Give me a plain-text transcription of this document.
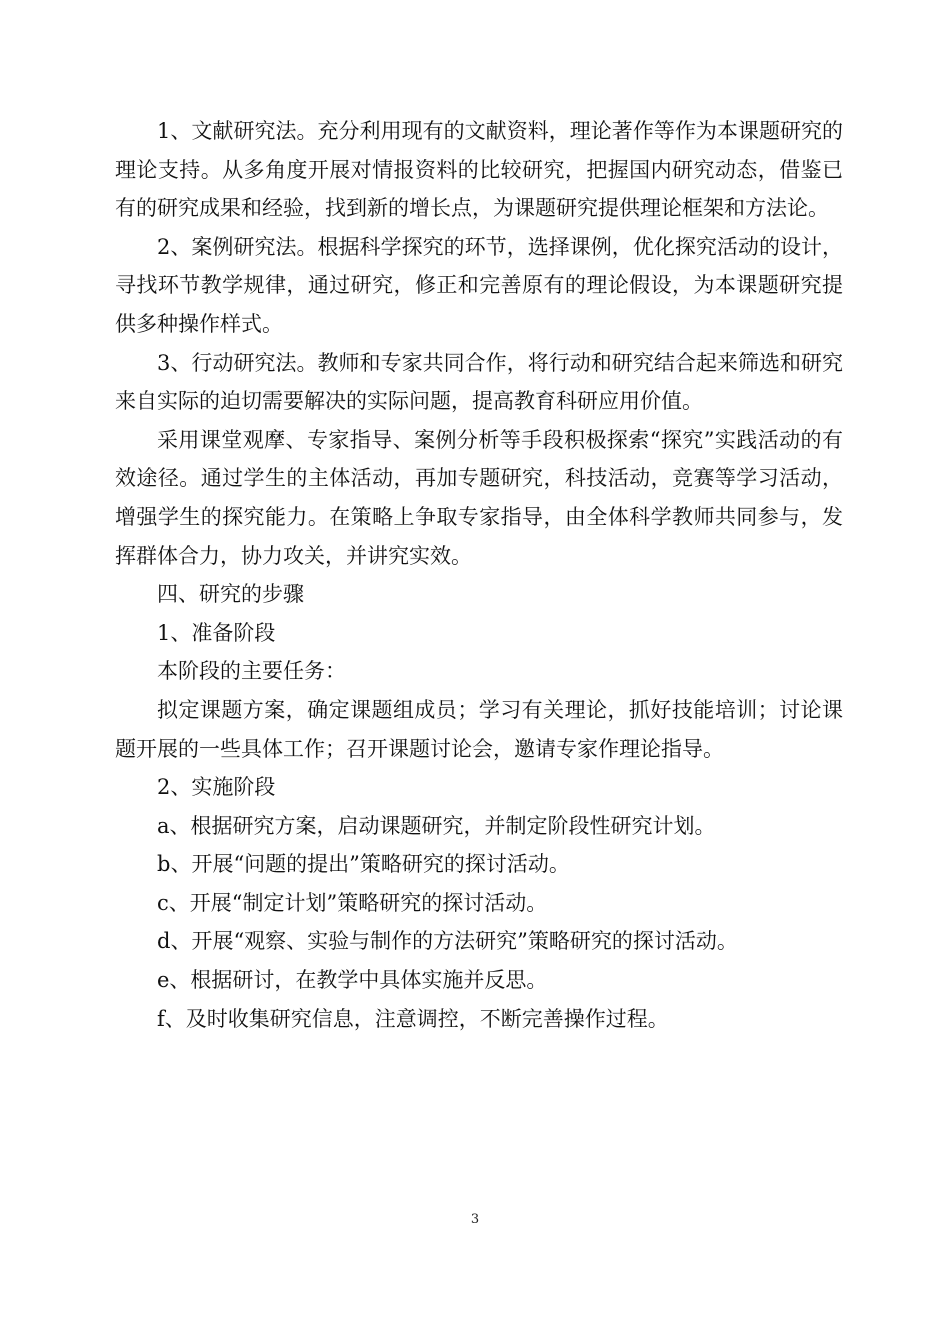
1、文献研究法。充分利用现有的文献资料，理论著作等作为本课题研究的理论支持。从多角度开展对情报资料的比较研究，把握国内研究动态，借鉴已有的研究成果和经验，找到新的增长点，为课题研究提供理论框架和方法论。

2、案例研究法。根据科学探究的环节，选择课例，优化探究活动的设计，寻找环节教学规律，通过研究，修正和完善原有的理论假设，为本课题研究提供多种操作样式。

3、行动研究法。教师和专家共同合作，将行动和研究结合起来筛选和研究来自实际的迫切需要解决的实际问题，提高教育科研应用价值。

采用课堂观摩、专家指导、案例分析等手段积极探索“探究”实践活动的有效途径。通过学生的主体活动，再加专题研究，科技活动，竞赛等学习活动，增强学生的探究能力。在策略上争取专家指导，由全体科学教师共同参与，发挥群体合力，协力攻关，并讲究实效。

四、研究的步骤

1、准备阶段

本阶段的主要任务：

拟定课题方案，确定课题组成员；学习有关理论，抓好技能培训；讨论课题开展的一些具体工作；召开课题讨论会，邀请专家作理论指导。

2、实施阶段

a、根据研究方案，启动课题研究，并制定阶段性研究计划。

b、开展“问题的提出”策略研究的探讨活动。

c、开展“制定计划”策略研究的探讨活动。

d、开展“观察、实验与制作的方法研究”策略研究的探讨活动。

e、根据研讨，在教学中具体实施并反思。

f、及时收集研究信息，注意调控，不断完善操作过程。

3
